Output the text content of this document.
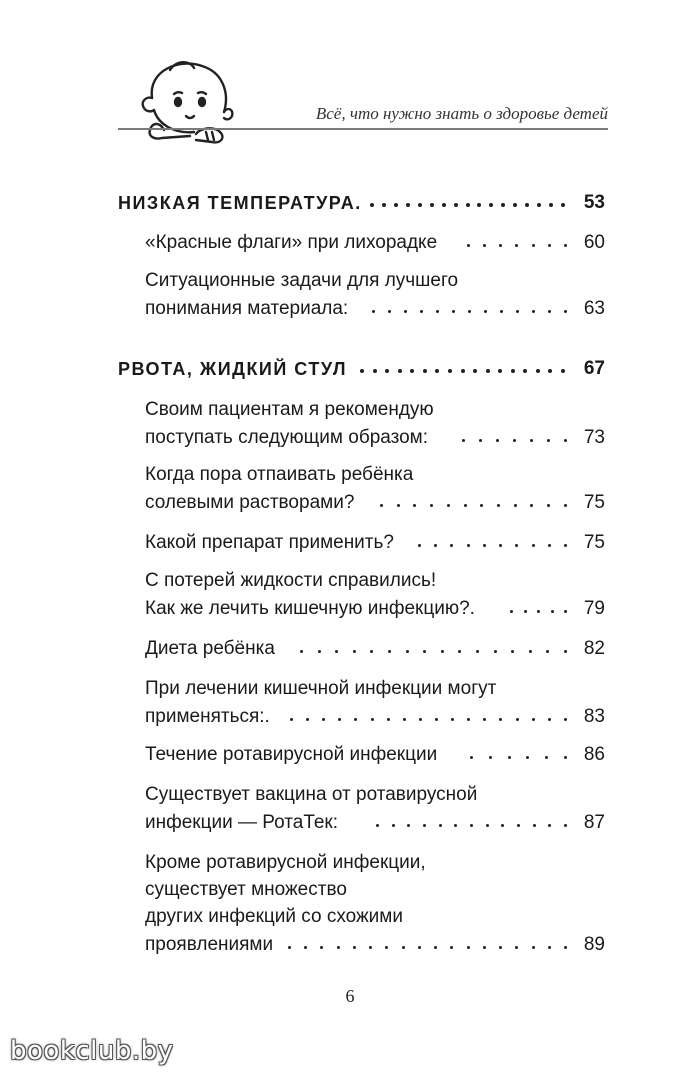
Всё, что нужно знать о здоровье детей
НИЗКАЯ ТЕМПЕРАТУРА.	53
«Красные флаги» при лихорадке	60
Ситуационные задачи для лучшего
понимания материала:	63
РВОТА, ЖИДКИЙ СТУЛ	67
Своим пациентам я рекомендую
поступать следующим образом:	73
Когда пора отпаивать ребёнка
солевыми растворами?	75
Какой препарат применить?	75
С потерей жидкости справились!
Как же лечить кишечную инфекцию?.	79
Диета ребёнка	82
При лечении кишечной инфекции могут
применяться:.	83
Течение ротавирусной инфекции	86
Существует вакцина от ротавирусной
инфекции — РотаТек:	87
Кроме ротавирусной инфекции,
существует множество
других инфекций со схожими
проявлениями	89
6
bookclub.by
